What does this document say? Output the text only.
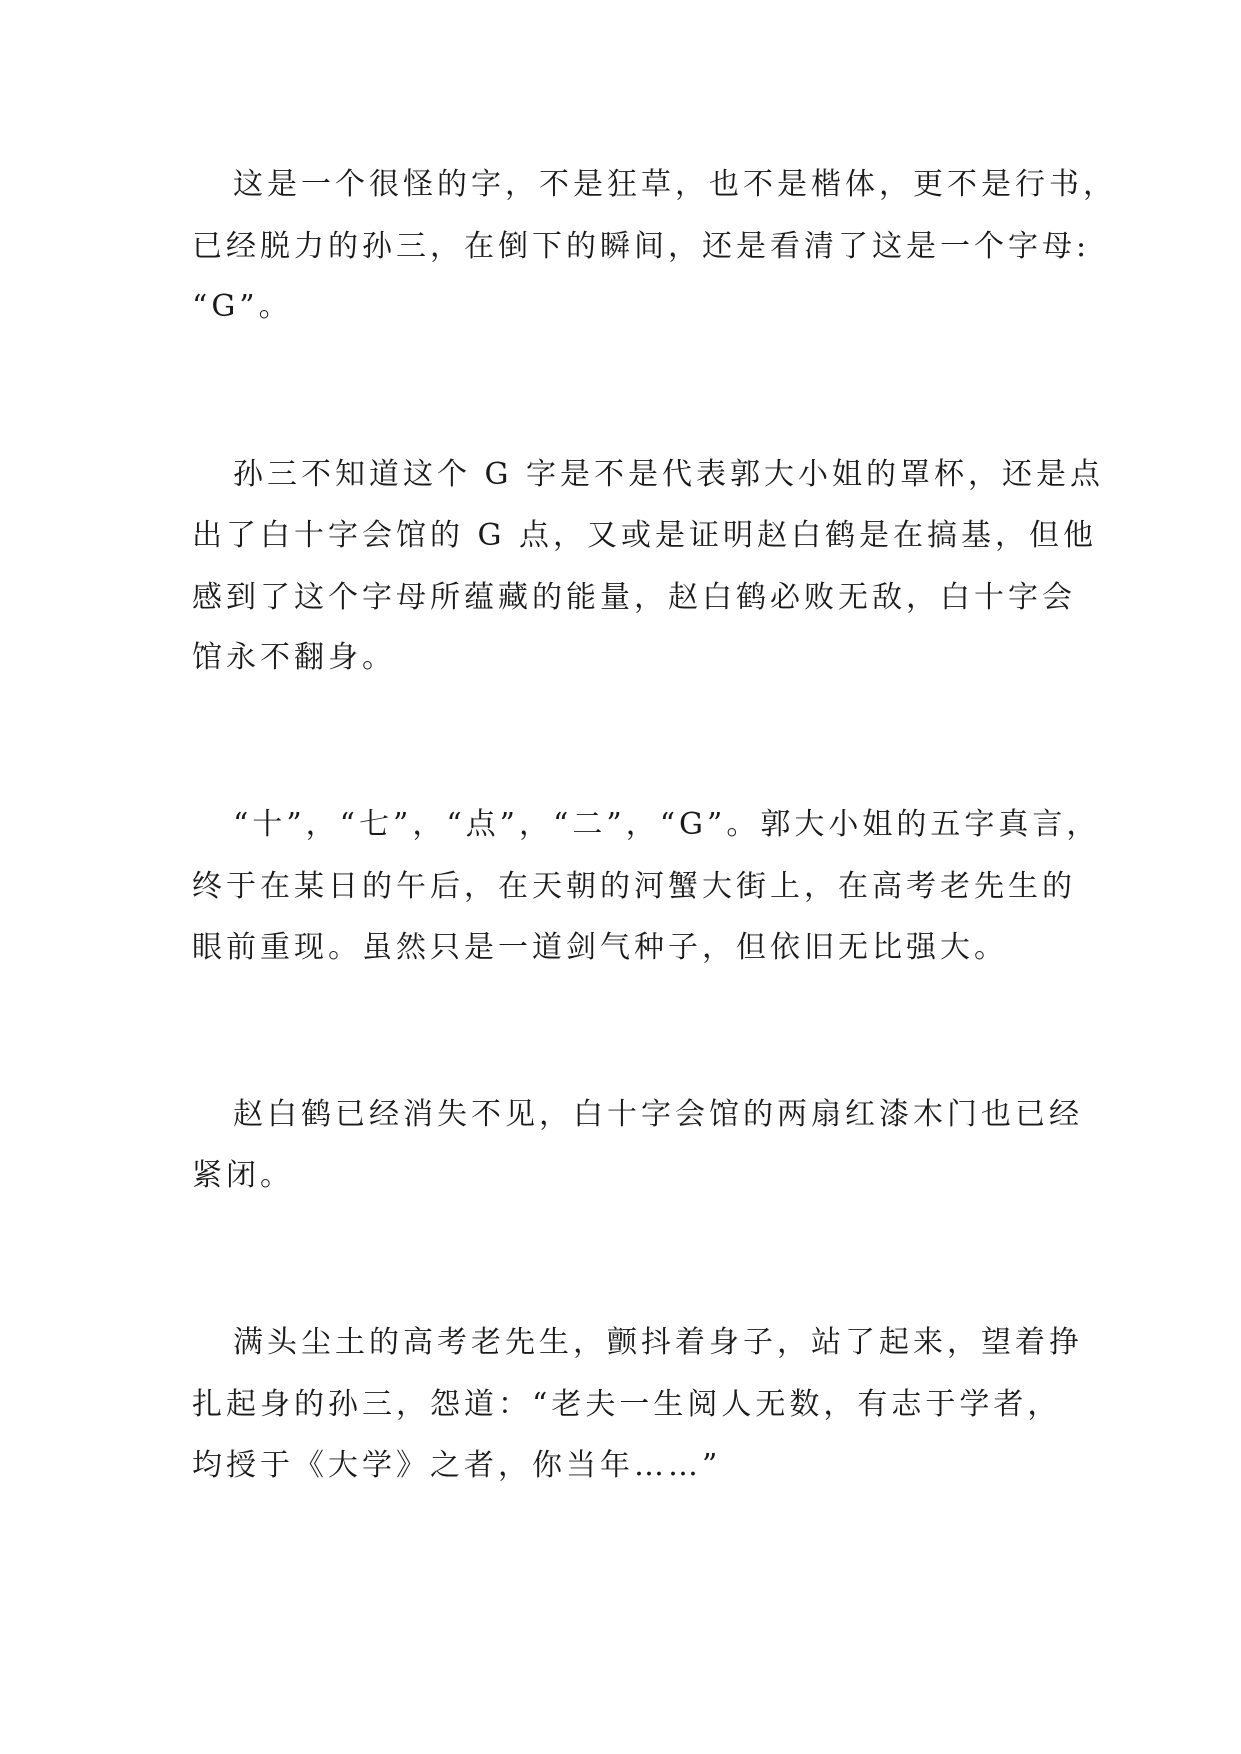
这是一个很怪的字，不是狂草，也不是楷体，更不是行书，

已经脱力的孙三，在倒下的瞬间，还是看清了这是一个字母:

“G”。

孙三不知道这个 G 字是不是代表郭大小姐的罩杯，还是点

出了白十字会馆的 G 点，又或是证明赵白鹤是在搞基，但他

感到了这个字母所蕴藏的能量，赵白鹤必败无敌，白十字会

馆永不翻身。

“十”，“七”，“点”，“二”，“G”。郭大小姐的五字真言，

终于在某日的午后，在天朝的河蟹大街上，在高考老先生的

眼前重现。虽然只是一道剑气种子，但依旧无比强大。

赵白鹤已经消失不见，白十字会馆的两扇红漆木门也已经

紧闭。

满头尘土的高考老先生，颤抖着身子，站了起来，望着挣

扎起身的孙三，怨道：“老夫一生阅人无数，有志于学者，

均授于《大学》之者，你当年……”
